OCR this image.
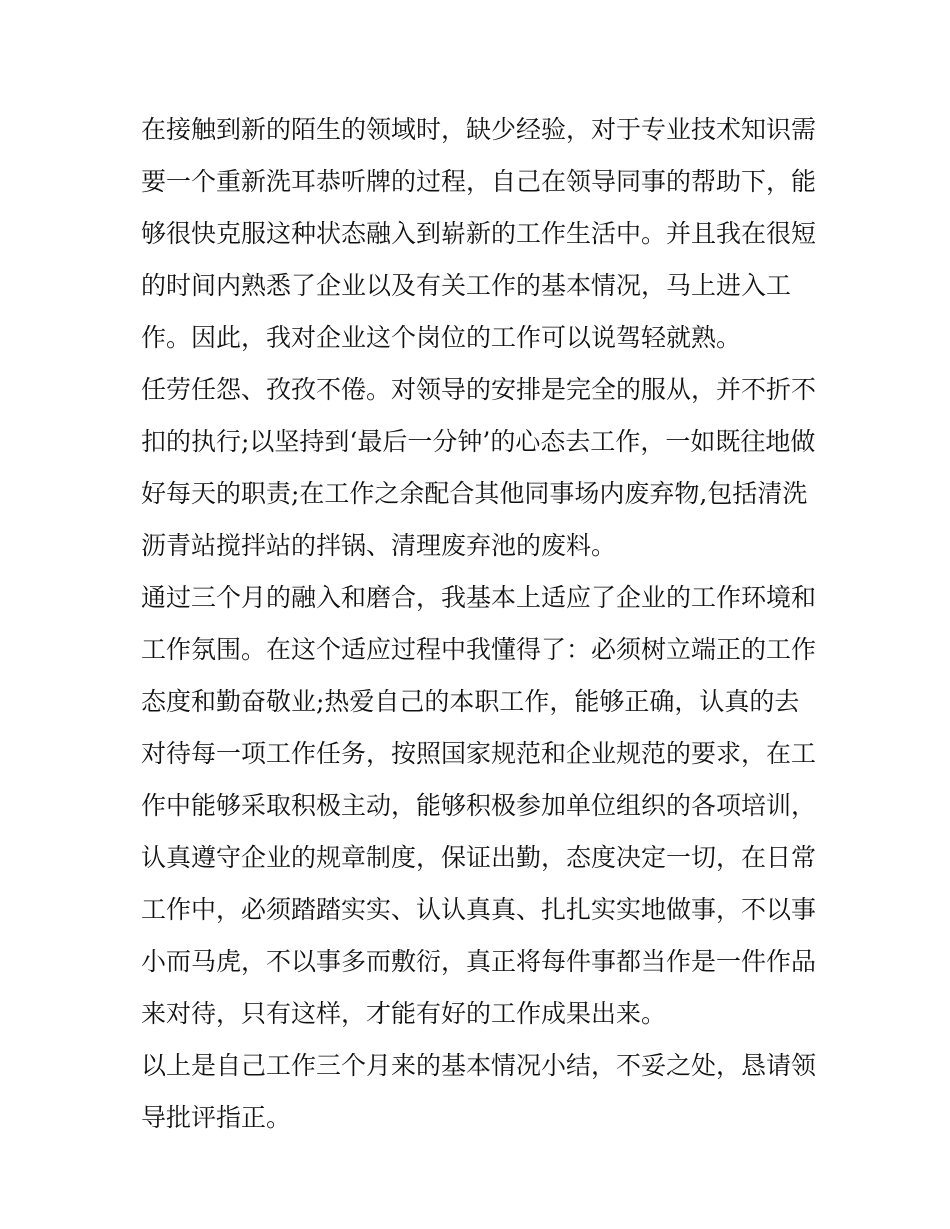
在接触到新的陌生的领域时，缺少经验，对于专业技术知识需
要一个重新洗耳恭听牌的过程，自己在领导同事的帮助下，能
够很快克服这种状态融入到崭新的工作生活中。并且我在很短
的时间内熟悉了企业以及有关工作的基本情况，马上进入工
作。因此，我对企业这个岗位的工作可以说驾轻就熟。
任劳任怨、孜孜不倦。对领导的安排是完全的服从，并不折不
扣的执行;以坚持到‘最后一分钟’的心态去工作，一如既往地做
好每天的职责;在工作之余配合其他同事场内废弃物,包括清洗
沥青站搅拌站的拌锅、清理废弃池的废料。
通过三个月的融入和磨合，我基本上适应了企业的工作环境和
工作氛围。在这个适应过程中我懂得了：必须树立端正的工作
态度和勤奋敬业;热爱自己的本职工作，能够正确，认真的去
对待每一项工作任务，按照国家规范和企业规范的要求，在工
作中能够采取积极主动，能够积极参加单位组织的各项培训，
认真遵守企业的规章制度，保证出勤，态度决定一切，在日常
工作中，必须踏踏实实、认认真真、扎扎实实地做事，不以事
小而马虎，不以事多而敷衍，真正将每件事都当作是一件作品
来对待，只有这样，才能有好的工作成果出来。
以上是自己工作三个月来的基本情况小结，不妥之处，恳请领
导批评指正。
